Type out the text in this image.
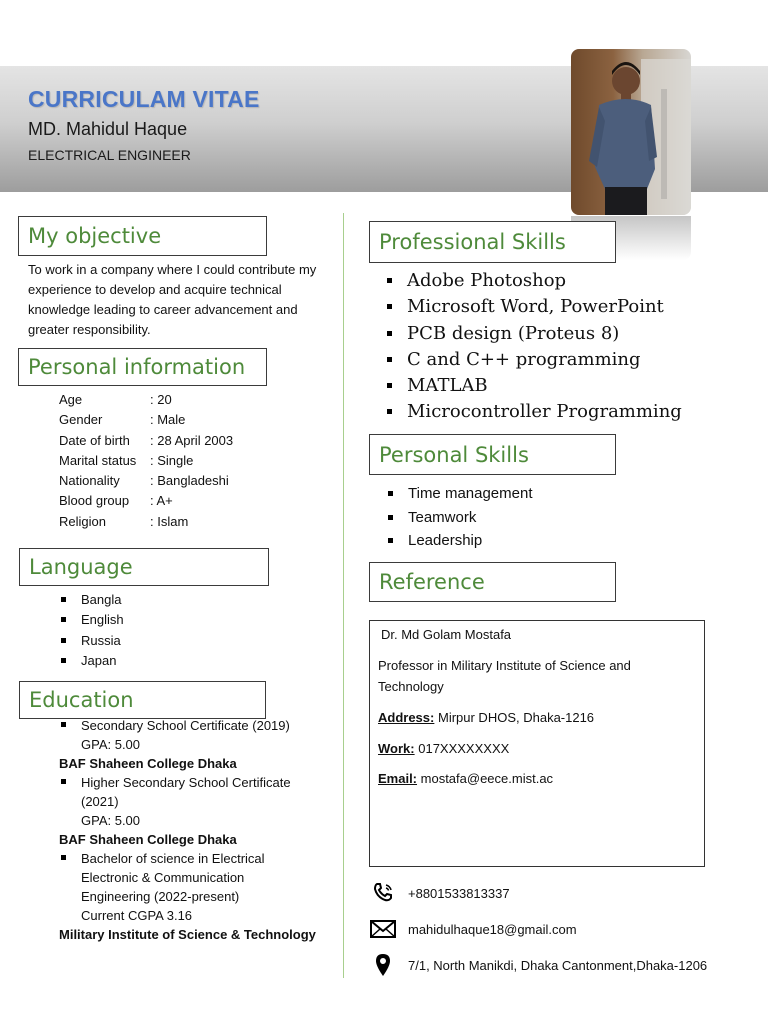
CURRICULAM VITAE
MD. Mahidul Haque
ELECTRICAL ENGINEER
My objective
To work in a company where I could contribute my experience to develop and acquire technical knowledge leading to career advancement and greater responsibility.
Personal information
Age	: 20
Gender	: Male
Date of birth	: 28 April 2003
Marital status	: Single
Nationality	: Bangladeshi
Blood group	: A+
Religion	: Islam
Language
Bangla
English
Russia
Japan
Education
Secondary School Certificate (2019)
GPA: 5.00
BAF Shaheen College Dhaka
Higher Secondary School Certificate
(2021)
GPA: 5.00
BAF Shaheen College Dhaka
Bachelor of science in Electrical
Electronic & Communication
Engineering (2022-present)
Current CGPA 3.16
Military Institute of Science & Technology
Professional Skills
Adobe Photoshop
Microsoft Word, PowerPoint
PCB design (Proteus 8)
C and C++ programming
MATLAB
Microcontroller Programming
Personal Skills
Time management
Teamwork
Leadership
Reference
Dr. Md Golam Mostafa
Professor in Military Institute of Science and Technology
Address: Mirpur DHOS, Dhaka-1216
Work: 017XXXXXXXX
Email: mostafa@eece.mist.ac
+8801533813337
mahidulhaque18@gmail.com
7/1, North Manikdi, Dhaka Cantonment,Dhaka-1206
